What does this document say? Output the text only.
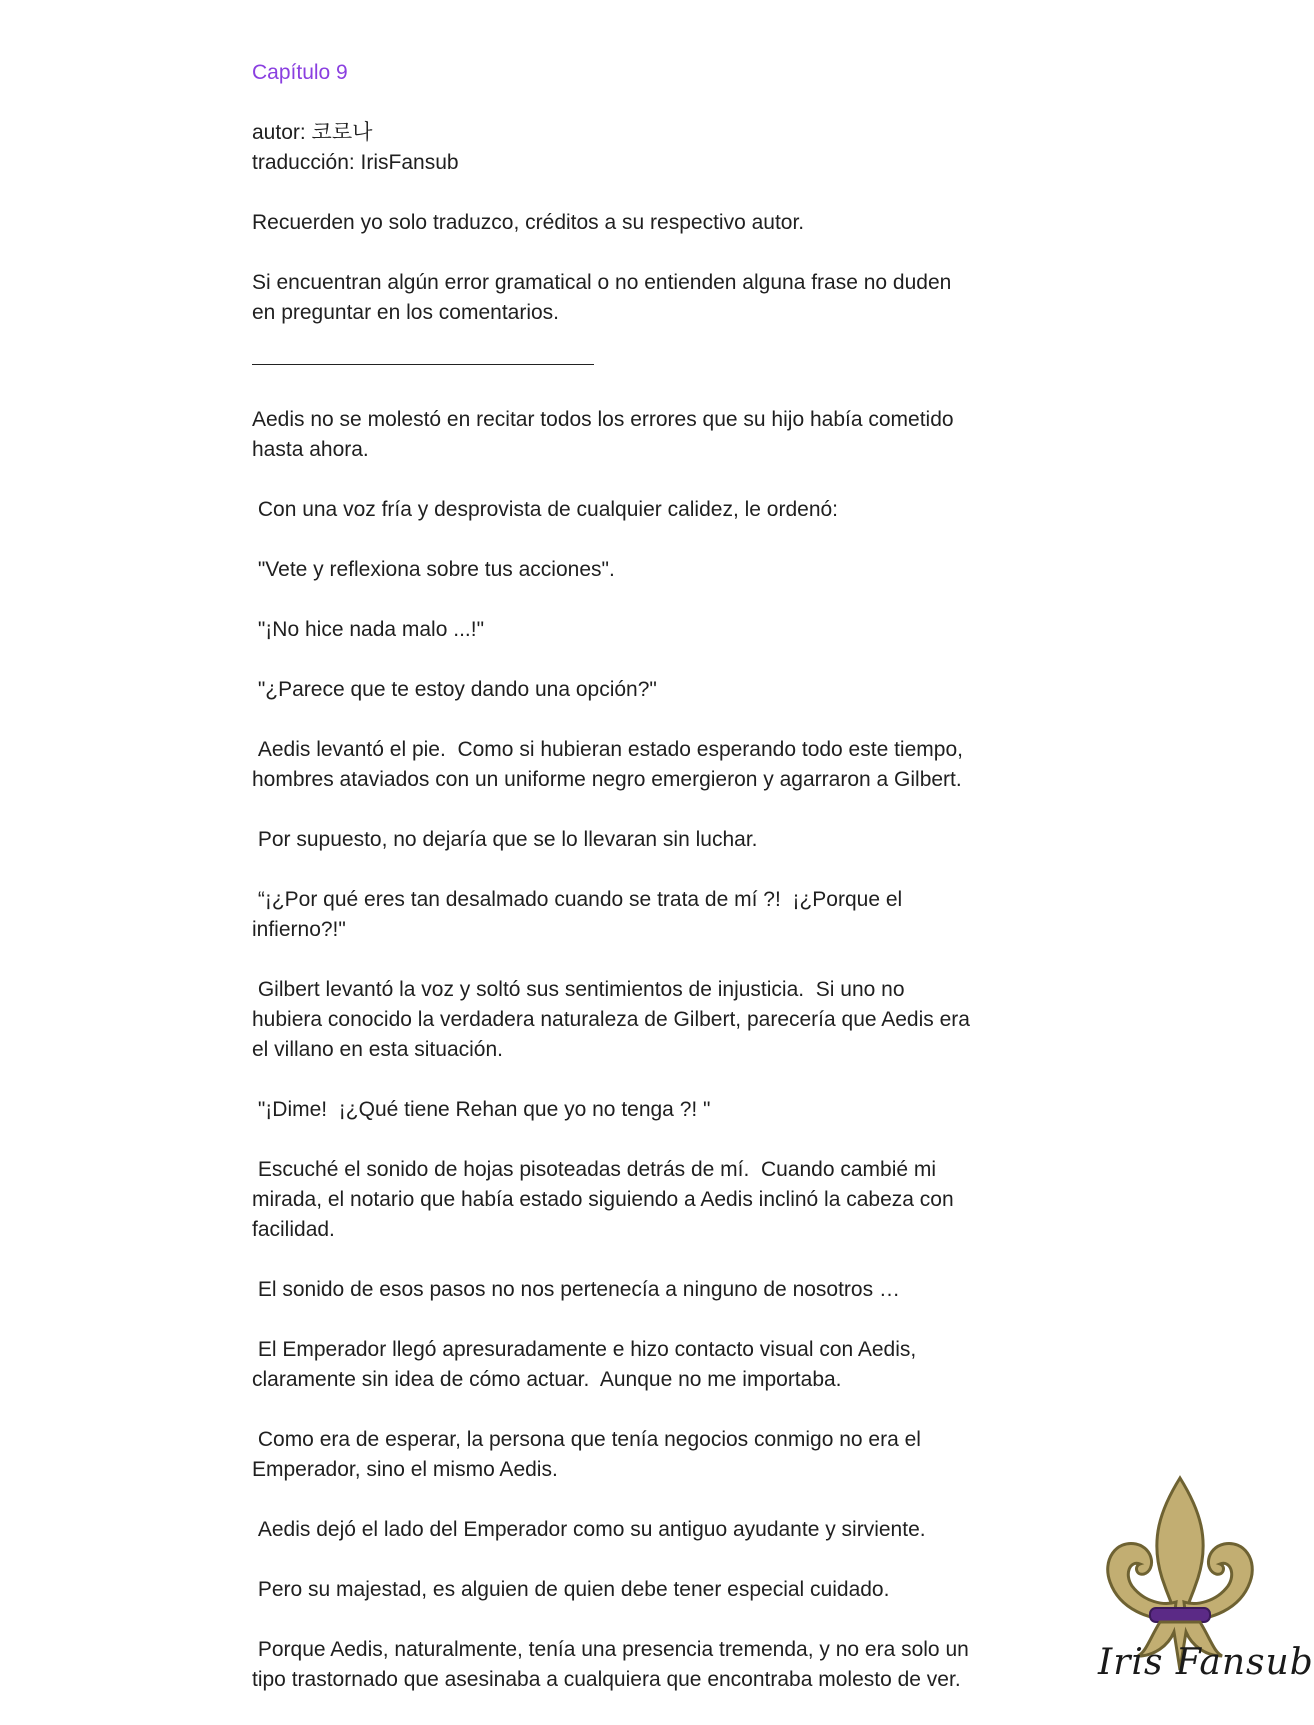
Capítulo 9
autor: 코로나
traducción: IrisFansub
Recuerden yo solo traduzco, créditos a su respectivo autor.
Si encuentran algún error gramatical o no entienden alguna frase no duden
en preguntar en los comentarios.
Aedis no se molestó en recitar todos los errores que su hijo había cometido
hasta ahora.
Con una voz fría y desprovista de cualquier calidez, le ordenó:
"Vete y reflexiona sobre tus acciones".
"¡No hice nada malo ...!"
"¿Parece que te estoy dando una opción?"
Aedis levantó el pie.  Como si hubieran estado esperando todo este tiempo,
hombres ataviados con un uniforme negro emergieron y agarraron a Gilbert.
Por supuesto, no dejaría que se lo llevaran sin luchar.
“¡¿Por qué eres tan desalmado cuando se trata de mí ?!  ¡¿Porque el
infierno?!"
Gilbert levantó la voz y soltó sus sentimientos de injusticia.  Si uno no
hubiera conocido la verdadera naturaleza de Gilbert, parecería que Aedis era
el villano en esta situación.
"¡Dime!  ¡¿Qué tiene Rehan que yo no tenga ?! "
Escuché el sonido de hojas pisoteadas detrás de mí.  Cuando cambié mi
mirada, el notario que había estado siguiendo a Aedis inclinó la cabeza con
facilidad.
El sonido de esos pasos no nos pertenecía a ninguno de nosotros …
El Emperador llegó apresuradamente e hizo contacto visual con Aedis,
claramente sin idea de cómo actuar.  Aunque no me importaba.
Como era de esperar, la persona que tenía negocios conmigo no era el
Emperador, sino el mismo Aedis.
Aedis dejó el lado del Emperador como su antiguo ayudante y sirviente.
Pero su majestad, es alguien de quien debe tener especial cuidado.
Porque Aedis, naturalmente, tenía una presencia tremenda, y no era solo un
tipo trastornado que asesinaba a cualquiera que encontraba molesto de ver.	Iris Fansub
